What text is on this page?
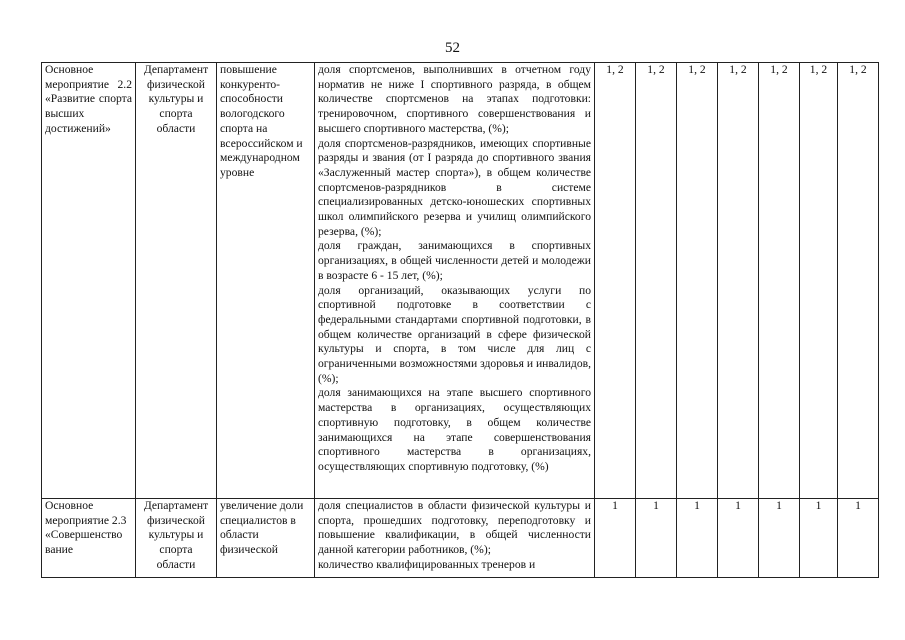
52
Основное мероприятие 2.2 «Развитие спорта высших достижений»	Департамент физической культуры и спорта области	повышение конкуренто-способности вологодского спорта на всероссийском и международном уровне	доля спортсменов, выполнивших в отчетном году норматив не ниже I спортивного разряда, в общем количестве спортсменов на этапах подготовки: тренировочном, спортивного совершенствования и высшего спортивного мастерства, (%);
доля спортсменов-разрядников, имеющих спортивные разряды и звания (от I разряда до спортивного звания «Заслуженный мастер спорта»), в общем количестве спортсменов-разрядников в системе специализированных детско-юношеских спортивных школ олимпийского резерва и училищ олимпийского резерва, (%);
доля граждан, занимающихся в спортивных организациях, в общей численности детей и молодежи в возрасте 6 - 15 лет, (%);
доля организаций, оказывающих услуги по спортивной подготовке в соответствии с федеральными стандартами спортивной подготовки, в общем количестве организаций в сфере физической культуры и спорта, в том числе для лиц с ограниченными возможностями здоровья и инвалидов, (%);
доля занимающихся на этапе высшего спортивного мастерства в организациях, осуществляющих спортивную подготовку, в общем количестве занимающихся на этапе совершенствования спортивного мастерства в организациях, осуществляющих спортивную подготовку, (%)	1, 2	1, 2	1, 2	1, 2	1, 2	1, 2	1, 2

Основное мероприятие 2.3 «Совершенство вание	Департамент физической культуры и спорта области	увеличение доли специалистов в области физической	доля специалистов в области физической культуры и спорта, прошедших подготовку, переподготовку и повышение квалификации, в общей численности данной категории работников, (%);
количество квалифицированных тренеров и	1	1	1	1	1	1	1
